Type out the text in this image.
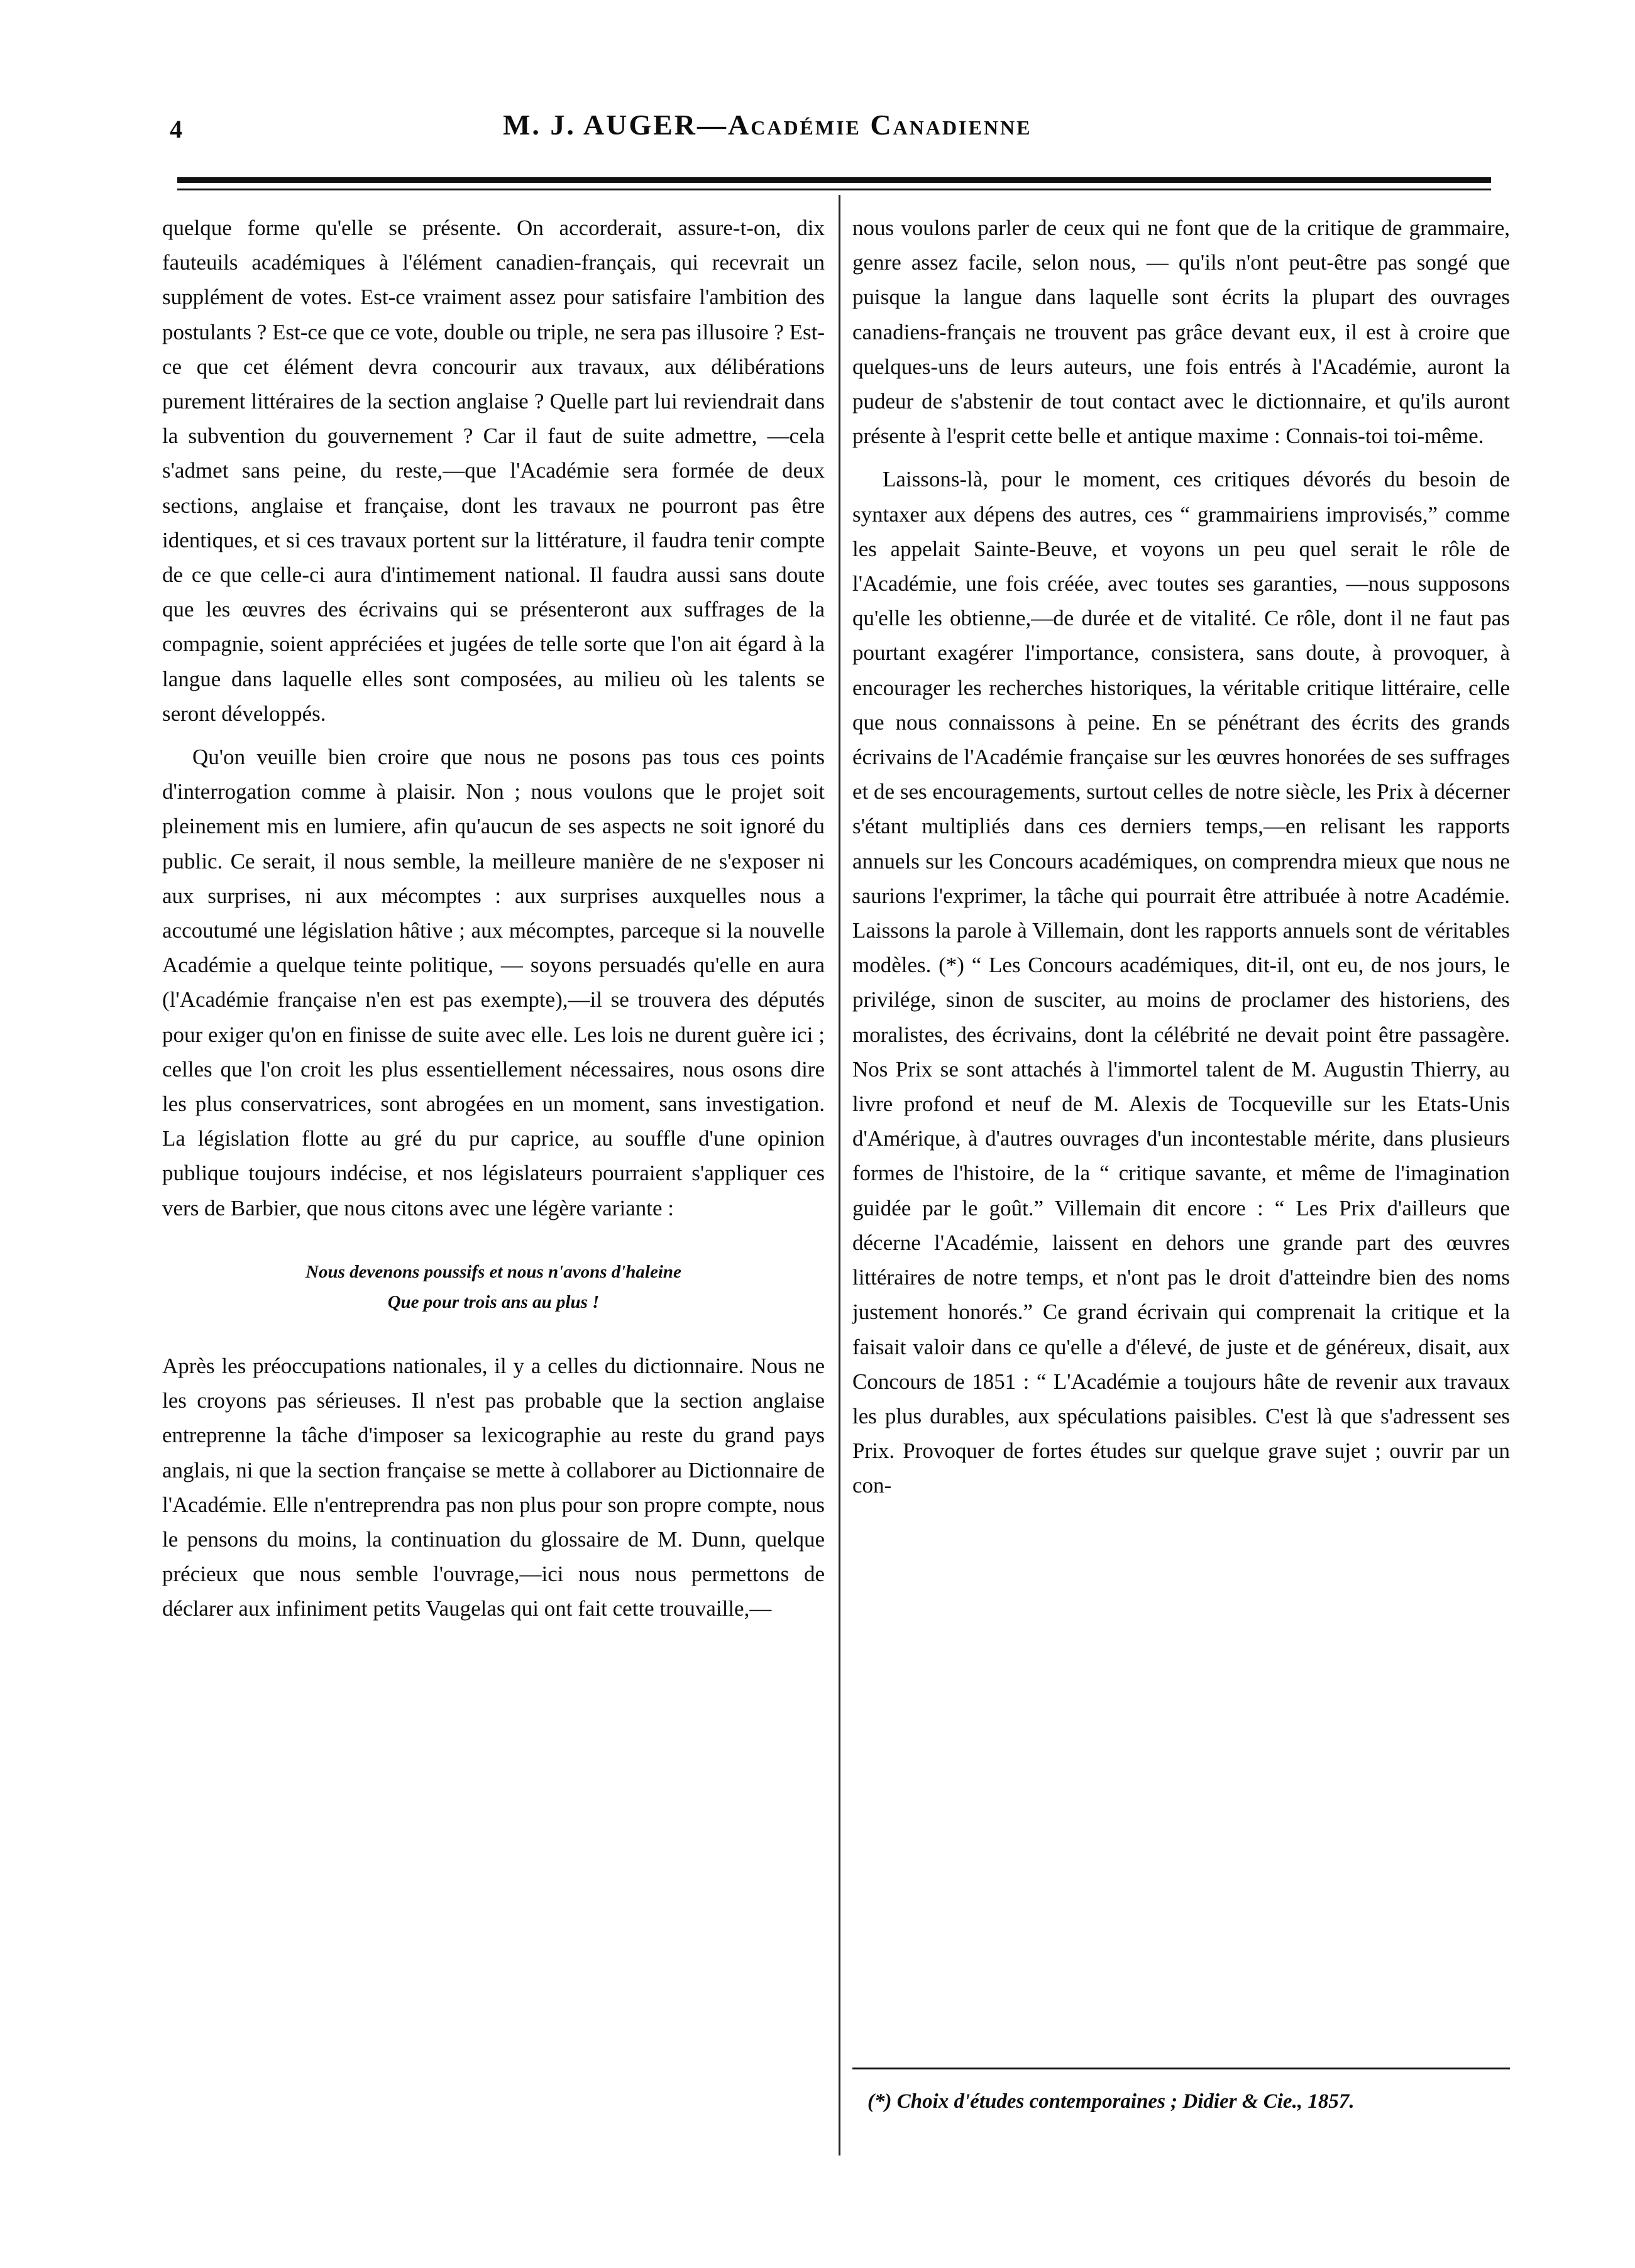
4	M. J. AUGER—Académie Canadienne

quelque forme qu'elle se présente. On accorderait, assure-t-on, dix fauteuils académiques à l'élément canadien-français, qui recevrait un supplément de votes. Est-ce vraiment assez pour satisfaire l'ambition des postulants ? Est-ce que ce vote, double ou triple, ne sera pas illusoire ? Est-ce que cet élément devra concourir aux travaux, aux délibérations purement littéraires de la section anglaise ? Quelle part lui reviendrait dans la subvention du gouvernement ? Car il faut de suite admettre, —cela s'admet sans peine, du reste,—que l'Académie sera formée de deux sections, anglaise et française, dont les travaux ne pourront pas être identiques, et si ces travaux portent sur la littérature, il faudra tenir compte de ce que celle-ci aura d'intimement national. Il faudra aussi sans doute que les œuvres des écrivains qui se présenteront aux suffrages de la compagnie, soient appréciées et jugées de telle sorte que l'on ait égard à la langue dans laquelle elles sont composées, au milieu où les talents se seront développés.

Qu'on veuille bien croire que nous ne posons pas tous ces points d'interrogation comme à plaisir. Non ; nous voulons que le projet soit pleinement mis en lumiere, afin qu'aucun de ses aspects ne soit ignoré du public. Ce serait, il nous semble, la meilleure manière de ne s'exposer ni aux surprises, ni aux mécomptes : aux surprises auxquelles nous a accoutumé une législation hâtive ; aux mécomptes, parceque si la nouvelle Académie a quelque teinte politique, — soyons persuadés qu'elle en aura (l'Académie française n'en est pas exempte),—il se trouvera des députés pour exiger qu'on en finisse de suite avec elle. Les lois ne durent guère ici ; celles que l'on croit les plus essentiellement nécessaires, nous osons dire les plus conservatrices, sont abrogées en un moment, sans investigation. La législation flotte au gré du pur caprice, au souffle d'une opinion publique toujours indécise, et nos législateurs pourraient s'appliquer ces vers de Barbier, que nous citons avec une légère variante :

Nous devenons poussifs et nous n'avons d'haleine
Que pour trois ans au plus !

Après les préoccupations nationales, il y a celles du dictionnaire. Nous ne les croyons pas sérieuses. Il n'est pas probable que la section anglaise entreprenne la tâche d'imposer sa lexicographie au reste du grand pays anglais, ni que la section française se mette à collaborer au Dictionnaire de l'Académie. Elle n'entreprendra pas non plus pour son propre compte, nous le pensons du moins, la continuation du glossaire de M. Dunn, quelque précieux que nous semble l'ouvrage,—ici nous nous permettons de déclarer aux infiniment petits Vaugelas qui ont fait cette trouvaille,—

nous voulons parler de ceux qui ne font que de la critique de grammaire, genre assez facile, selon nous, — qu'ils n'ont peut-être pas songé que puisque la langue dans laquelle sont écrits la plupart des ouvrages canadiens-français ne trouvent pas grâce devant eux, il est à croire que quelques-uns de leurs auteurs, une fois entrés à l'Académie, auront la pudeur de s'abstenir de tout contact avec le dictionnaire, et qu'ils auront présente à l'esprit cette belle et antique maxime : Connais-toi toi-même.

Laissons-là, pour le moment, ces critiques dévorés du besoin de syntaxer aux dépens des autres, ces “ grammairiens improvisés,” comme les appelait Sainte-Beuve, et voyons un peu quel serait le rôle de l'Académie, une fois créée, avec toutes ses garanties, —nous supposons qu'elle les obtienne,—de durée et de vitalité. Ce rôle, dont il ne faut pas pourtant exagérer l'importance, consistera, sans doute, à provoquer, à encourager les recherches historiques, la véritable critique littéraire, celle que nous connaissons à peine. En se pénétrant des écrits des grands écrivains de l'Académie française sur les œuvres honorées de ses suffrages et de ses encouragements, surtout celles de notre siècle, les Prix à décerner s'étant multipliés dans ces derniers temps,—en relisant les rapports annuels sur les Concours académiques, on comprendra mieux que nous ne saurions l'exprimer, la tâche qui pourrait être attribuée à notre Académie. Laissons la parole à Villemain, dont les rapports annuels sont de véritables modèles. (*) “ Les Concours académiques, dit-il, ont eu, de nos jours, le privilége, sinon de susciter, au moins de proclamer des historiens, des moralistes, des écrivains, dont la célébrité ne devait point être passagère. Nos Prix se sont attachés à l'immortel talent de M. Augustin Thierry, au livre profond et neuf de M. Alexis de Tocqueville sur les Etats-Unis d'Amérique, à d'autres ouvrages d'un incontestable mérite, dans plusieurs formes de l'histoire, de la “ critique savante, et même de l'imagination guidée par le goût.” Villemain dit encore : “ Les Prix d'ailleurs que décerne l'Académie, laissent en dehors une grande part des œuvres littéraires de notre temps, et n'ont pas le droit d'atteindre bien des noms justement honorés.” Ce grand écrivain qui comprenait la critique et la faisait valoir dans ce qu'elle a d'élevé, de juste et de généreux, disait, aux Concours de 1851 : “ L'Académie a toujours hâte de revenir aux travaux les plus durables, aux spéculations paisibles. C'est là que s'adressent ses Prix. Provoquer de fortes études sur quelque grave sujet ; ouvrir par un con-

(*) Choix d'études contemporaines ; Didier & Cie., 1857.
